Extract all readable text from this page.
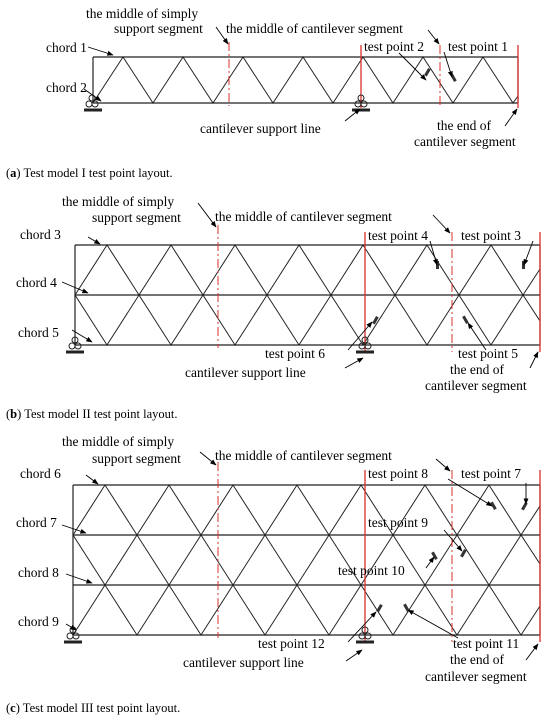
chord 1
chord 2
the middle of simply
support segment the middle of cantilever segment
test point 2 test point 1
cantilever support line	the end of
cantilever segment
(a) Test model I test point layout.
the middle of simply
support segment	the middle of cantilever segment
chord 3
chord 4
chord 5
test point 4 test point 3
test point 6	test point 5
cantilever support line	the end of
cantilever segment
(b) Test model II test point layout.
the middle of simply
support segment	the middle of cantilever segment
chord 6
chord 7
chord 8
chord 9
test point 8 test point 7
test point 9
test point 10
test point 12	test point 11
cantilever support line	the end of
cantilever segment
(c) Test model III test point layout.
